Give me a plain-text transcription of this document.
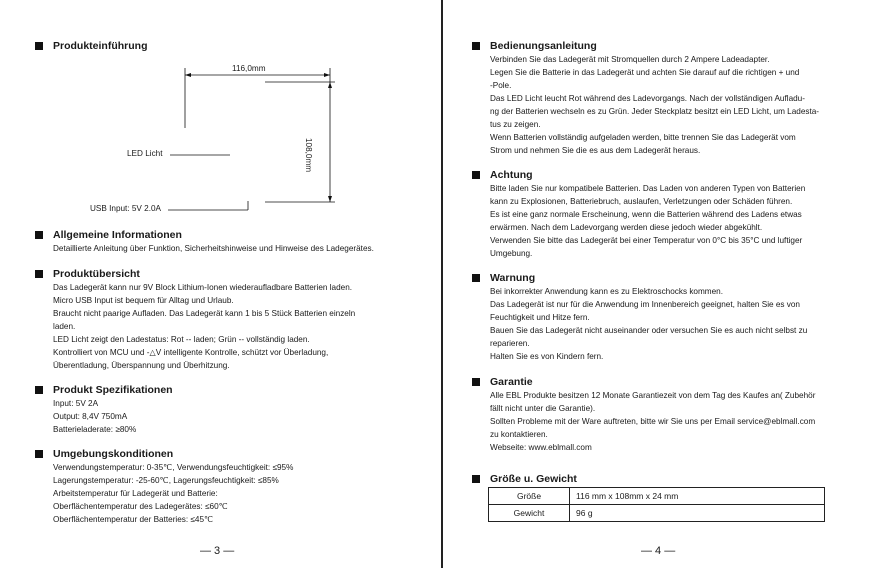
Produkteinführung
116,0mm
108,0mm
LED Licht
USB Input: 5V 2.0A
Allgemeine Informationen
Detaillierte Anleitung über Funktion, Sicherheitshinweise und Hinweise des Ladegerätes.
Produktübersicht
Das Ladegerät kann nur 9V Block Lithium-Ionen wiederaufladbare Batterien laden.
Micro USB Input ist bequem für Alltag und Urlaub.
Braucht nicht paarige Aufladen. Das Ladegerät kann 1 bis 5 Stück Batterien einzeln
laden.
LED Licht zeigt den Ladestatus: Rot -- laden; Grün -- vollständig laden.
Kontrolliert von MCU und -△V intelligente Kontrolle, schützt vor Überladung,
Überentladung, Überspannung und Überhitzung.
Produkt Spezifikationen
Input: 5V 2A
Output: 8,4V 750mA
Batterieladerate: ≥80%
Umgebungskonditionen
Verwendungstemperatur: 0-35℃, Verwendungsfeuchtigkeit: ≤95%
Lagerungstemperatur: -25-60℃, Lagerungsfeuchtigkeit: ≤85%
Arbeitstemperatur für Ladegerät und Batterie:
Oberflächentemperatur des Ladegerätes: ≤60℃
Oberflächentemperatur der Batteries: ≤45℃
— 3 —
Bedienungsanleitung
Verbinden Sie das Ladegerät mit Stromquellen durch 2 Ampere Ladeadapter.
Legen Sie die Batterie in das Ladegerät und achten Sie darauf auf die richtigen + und
-Pole.
Das LED Licht leucht Rot während des Ladevorgangs. Nach der vollständigen Aufladu-
ng der Batterien wechseln es zu Grün. Jeder Steckplatz besitzt ein LED Licht, um Ladesta-
tus zu zeigen.
Wenn Batterien vollständig aufgeladen werden, bitte trennen Sie das Ladegerät vom
Strom und nehmen Sie die es aus dem Ladegerät heraus.
Achtung
Bitte laden Sie nur kompatibele Batterien. Das Laden von anderen Typen von Batterien
kann zu Explosionen, Batteriebruch, auslaufen, Verletzungen oder Schäden führen.
Es ist eine ganz normale Erscheinung, wenn die Batterien während des Ladens etwas
erwärmen. Nach dem Ladevorgang werden diese jedoch wieder abgekühlt.
Verwenden Sie bitte das Ladegerät bei einer Temperatur von 0°C bis 35°C und luftiger
Umgebung.
Warnung
Bei inkorrekter Anwendung kann es zu Elektroschocks kommen.
Das Ladegerät ist nur für die Anwendung im Innenbereich geeignet, halten Sie es von
Feuchtigkeit und Hitze fern.
Bauen Sie das Ladegerät nicht auseinander oder versuchen Sie es auch nicht selbst zu
reparieren.
Halten Sie es von Kindern fern.
Garantie
Alle EBL Produkte besitzen 12 Monate Garantiezeit von dem Tag des Kaufes an( Zubehör
fällt nicht unter die Garantie).
Sollten Probleme mit der Ware auftreten, bitte wir Sie uns per Email service@eblmall.com
zu kontaktieren.
Webseite: www.eblmall.com
Größe u. Gewicht
Größe	116 mm x 108mm x 24 mm
Gewicht	96 g
— 4 —
